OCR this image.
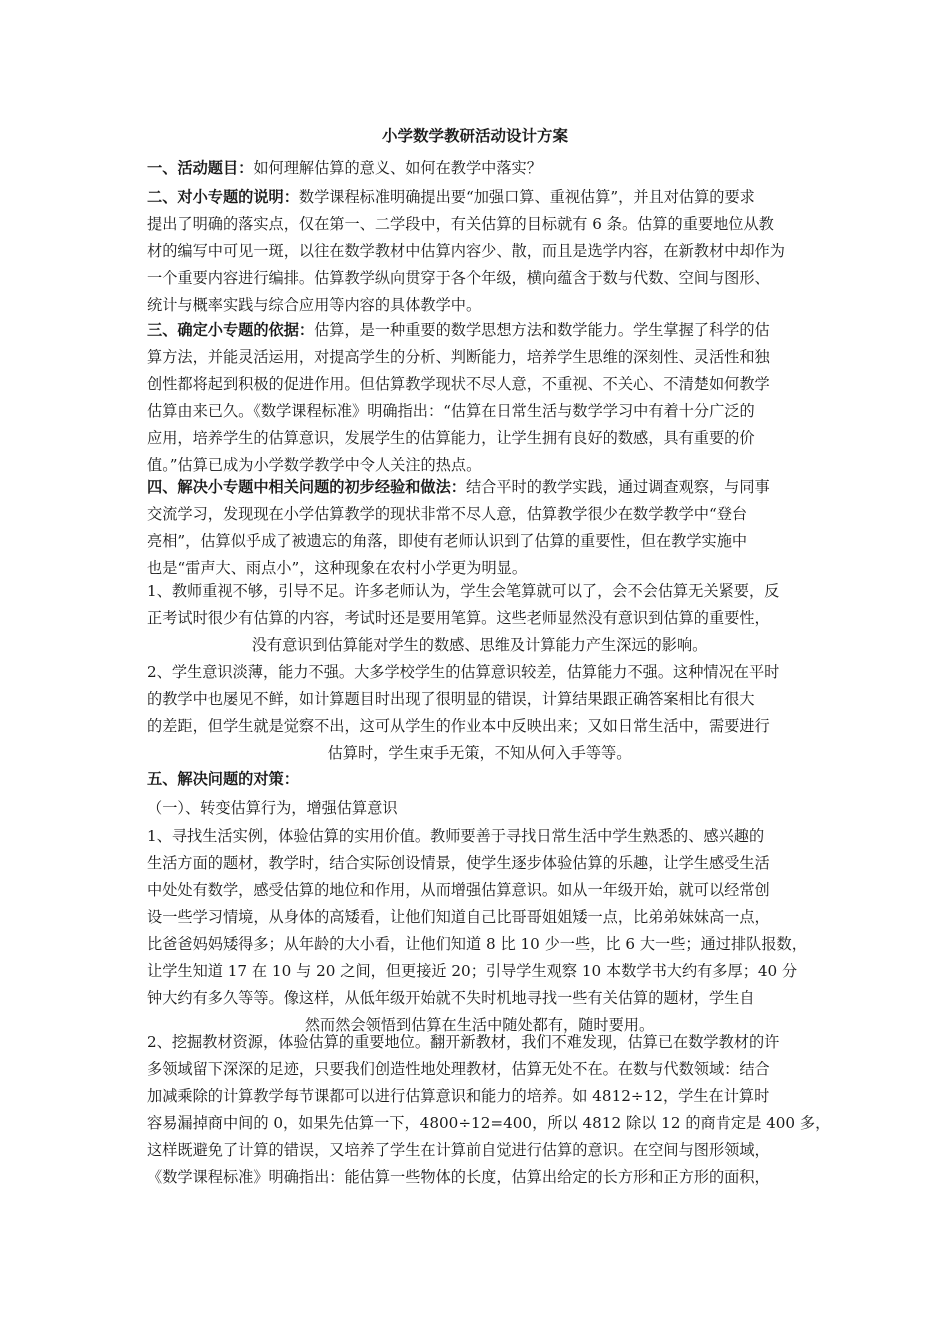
小学数学教研活动设计方案
一、活动题目：如何理解估算的意义、如何在教学中落实？
二、对小专题的说明：数学课程标准明确提出要“加强口算、重视估算”，并且对估算的要求
提出了明确的落实点，仅在第一、二学段中，有关估算的目标就有 6 条。估算的重要地位从教
材的编写中可见一斑，以往在数学教材中估算内容少、散，而且是选学内容，在新教材中却作为
一个重要内容进行编排。估算教学纵向贯穿于各个年级，横向蕴含于数与代数、空间与图形、
统计与概率实践与综合应用等内容的具体教学中。
三、确定小专题的依据：估算，是一种重要的数学思想方法和数学能力。学生掌握了科学的估
算方法，并能灵活运用，对提高学生的分析、判断能力，培养学生思维的深刻性、灵活性和独
创性都将起到积极的促进作用。但估算教学现状不尽人意，不重视、不关心、不清楚如何教学
估算由来已久。《数学课程标准》明确指出：“估算在日常生活与数学学习中有着十分广泛的
应用，培养学生的估算意识，发展学生的估算能力，让学生拥有良好的数感，具有重要的价
值。”估算已成为小学数学教学中令人关注的热点。
四、解决小专题中相关问题的初步经验和做法：结合平时的教学实践，通过调查观察，与同事
交流学习，发现现在小学估算教学的现状非常不尽人意，估算教学很少在数学教学中“登台
亮相”，估算似乎成了被遗忘的角落，即使有老师认识到了估算的重要性，但在教学实施中
也是“雷声大、雨点小”，这种现象在农村小学更为明显。
1、教师重视不够，引导不足。许多老师认为，学生会笔算就可以了，会不会估算无关紧要，反
正考试时很少有估算的内容，考试时还是要用笔算。这些老师显然没有意识到估算的重要性，
没有意识到估算能对学生的数感、思维及计算能力产生深远的影响。
2、学生意识淡薄，能力不强。大多学校学生的估算意识较差，估算能力不强。这种情况在平时
的教学中也屡见不鲜，如计算题目时出现了很明显的错误，计算结果跟正确答案相比有很大
的差距，但学生就是觉察不出，这可从学生的作业本中反映出来；又如日常生活中，需要进行
估算时，学生束手无策，不知从何入手等等。
五、解决问题的对策：
（一）、转变估算行为，增强估算意识
1、寻找生活实例，体验估算的实用价值。教师要善于寻找日常生活中学生熟悉的、感兴趣的
生活方面的题材，教学时，结合实际创设情景，使学生逐步体验估算的乐趣，让学生感受生活
中处处有数学，感受估算的地位和作用，从而增强估算意识。如从一年级开始，就可以经常创
设一些学习情境，从身体的高矮看，让他们知道自己比哥哥姐姐矮一点，比弟弟妹妹高一点，
比爸爸妈妈矮得多；从年龄的大小看，让他们知道 8 比 10 少一些，比 6 大一些；通过排队报数，
让学生知道 17 在 10 与 20 之间，但更接近 20；引导学生观察 10 本数学书大约有多厚；40 分
钟大约有多久等等。像这样，从低年级开始就不失时机地寻找一些有关估算的题材，学生自
然而然会领悟到估算在生活中随处都有，随时要用。
2、挖掘教材资源，体验估算的重要地位。翻开新教材，我们不难发现，估算已在数学教材的许
多领域留下深深的足迹，只要我们创造性地处理教材，估算无处不在。在数与代数领域：结合
加减乘除的计算教学每节课都可以进行估算意识和能力的培养。如 4812÷12，学生在计算时
容易漏掉商中间的 0，如果先估算一下，4800÷12=400，所以 4812 除以 12 的商肯定是 400 多，
这样既避免了计算的错误，又培养了学生在计算前自觉进行估算的意识。在空间与图形领域，
《数学课程标准》明确指出：能估算一些物体的长度，估算出给定的长方形和正方形的面积，
